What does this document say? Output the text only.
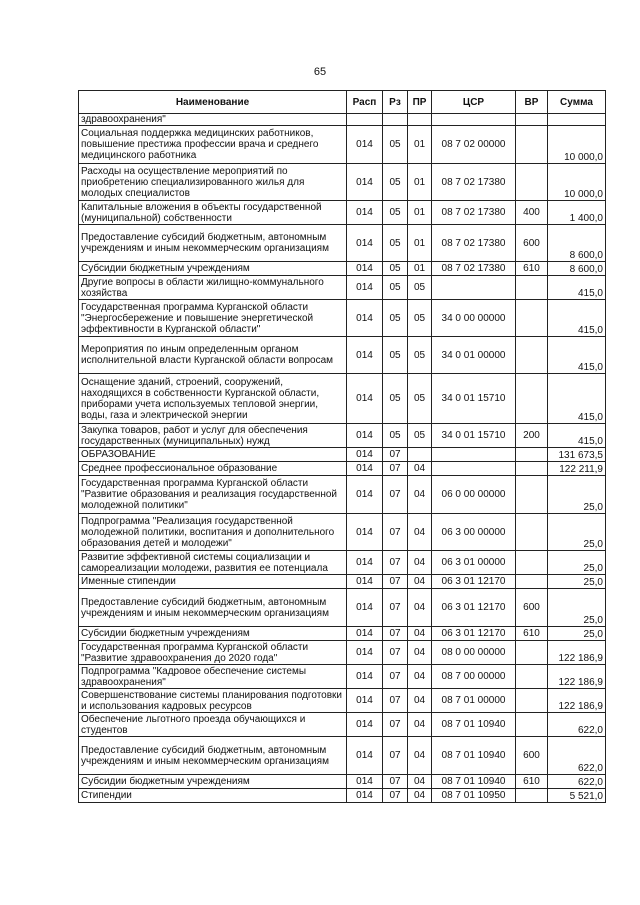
65
Наименование	Расп	Рз	ПР	ЦСР	ВР	Сумма
здравоохранения"						
Социальная поддержка медицинских работников, повышение престижа профессии врача и среднего медицинского работника	014	05	01	08 7 02 00000		10 000,0
Расходы на осуществление мероприятий по приобретению специализированного жилья для молодых специалистов	014	05	01	08 7 02 17380		10 000,0
Капитальные вложения в объекты государственной (муниципальной) собственности	014	05	01	08 7 02 17380	400	1 400,0
Предоставление субсидий бюджетным, автономным учреждениям и иным некоммерческим организациям	014	05	01	08 7 02 17380	600	8 600,0
Субсидии бюджетным учреждениям	014	05	01	08 7 02 17380	610	8 600,0
Другие вопросы в области жилищно-коммунального хозяйства	014	05	05			415,0
Государственная программа Курганской области "Энергосбережение и повышение энергетической эффективности в Курганской области"	014	05	05	34 0 00 00000		415,0
Мероприятия по иным определенным органом исполнительной власти Курганской области вопросам	014	05	05	34 0 01 00000		415,0
Оснащение зданий, строений, сооружений, находящихся в собственности Курганской области, приборами учета используемых тепловой энергии, воды, газа и электрической энергии	014	05	05	34 0 01 15710		415,0
Закупка товаров, работ и услуг для обеспечения государственных (муниципальных) нужд	014	05	05	34 0 01 15710	200	415,0
ОБРАЗОВАНИЕ	014	07				131 673,5
Среднее профессиональное образование	014	07	04			122 211,9
Государственная программа Курганской области "Развитие образования и реализация государственной молодежной политики"	014	07	04	06 0 00 00000		25,0
Подпрограмма "Реализация государственной молодежной политики, воспитания и дополнительного образования детей и молодежи"	014	07	04	06 3 00 00000		25,0
Развитие эффективной системы социализации и самореализации молодежи, развития ее потенциала	014	07	04	06 3 01 00000		25,0
Именные стипендии	014	07	04	06 3 01 12170		25,0
Предоставление субсидий бюджетным, автономным учреждениям и иным некоммерческим организациям	014	07	04	06 3 01 12170	600	25,0
Субсидии бюджетным учреждениям	014	07	04	06 3 01 12170	610	25,0
Государственная программа Курганской области "Развитие здравоохранения до 2020 года"	014	07	04	08 0 00 00000		122 186,9
Подпрограмма "Кадровое обеспечение системы здравоохранения"	014	07	04	08 7 00 00000		122 186,9
Совершенствование системы планирования подготовки и использования кадровых ресурсов	014	07	04	08 7 01 00000		122 186,9
Обеспечение льготного проезда обучающихся и студентов	014	07	04	08 7 01 10940		622,0
Предоставление субсидий бюджетным, автономным учреждениям и иным некоммерческим организациям	014	07	04	08 7 01 10940	600	622,0
Субсидии бюджетным учреждениям	014	07	04	08 7 01 10940	610	622,0
Стипендии	014	07	04	08 7 01 10950		5 521,0
